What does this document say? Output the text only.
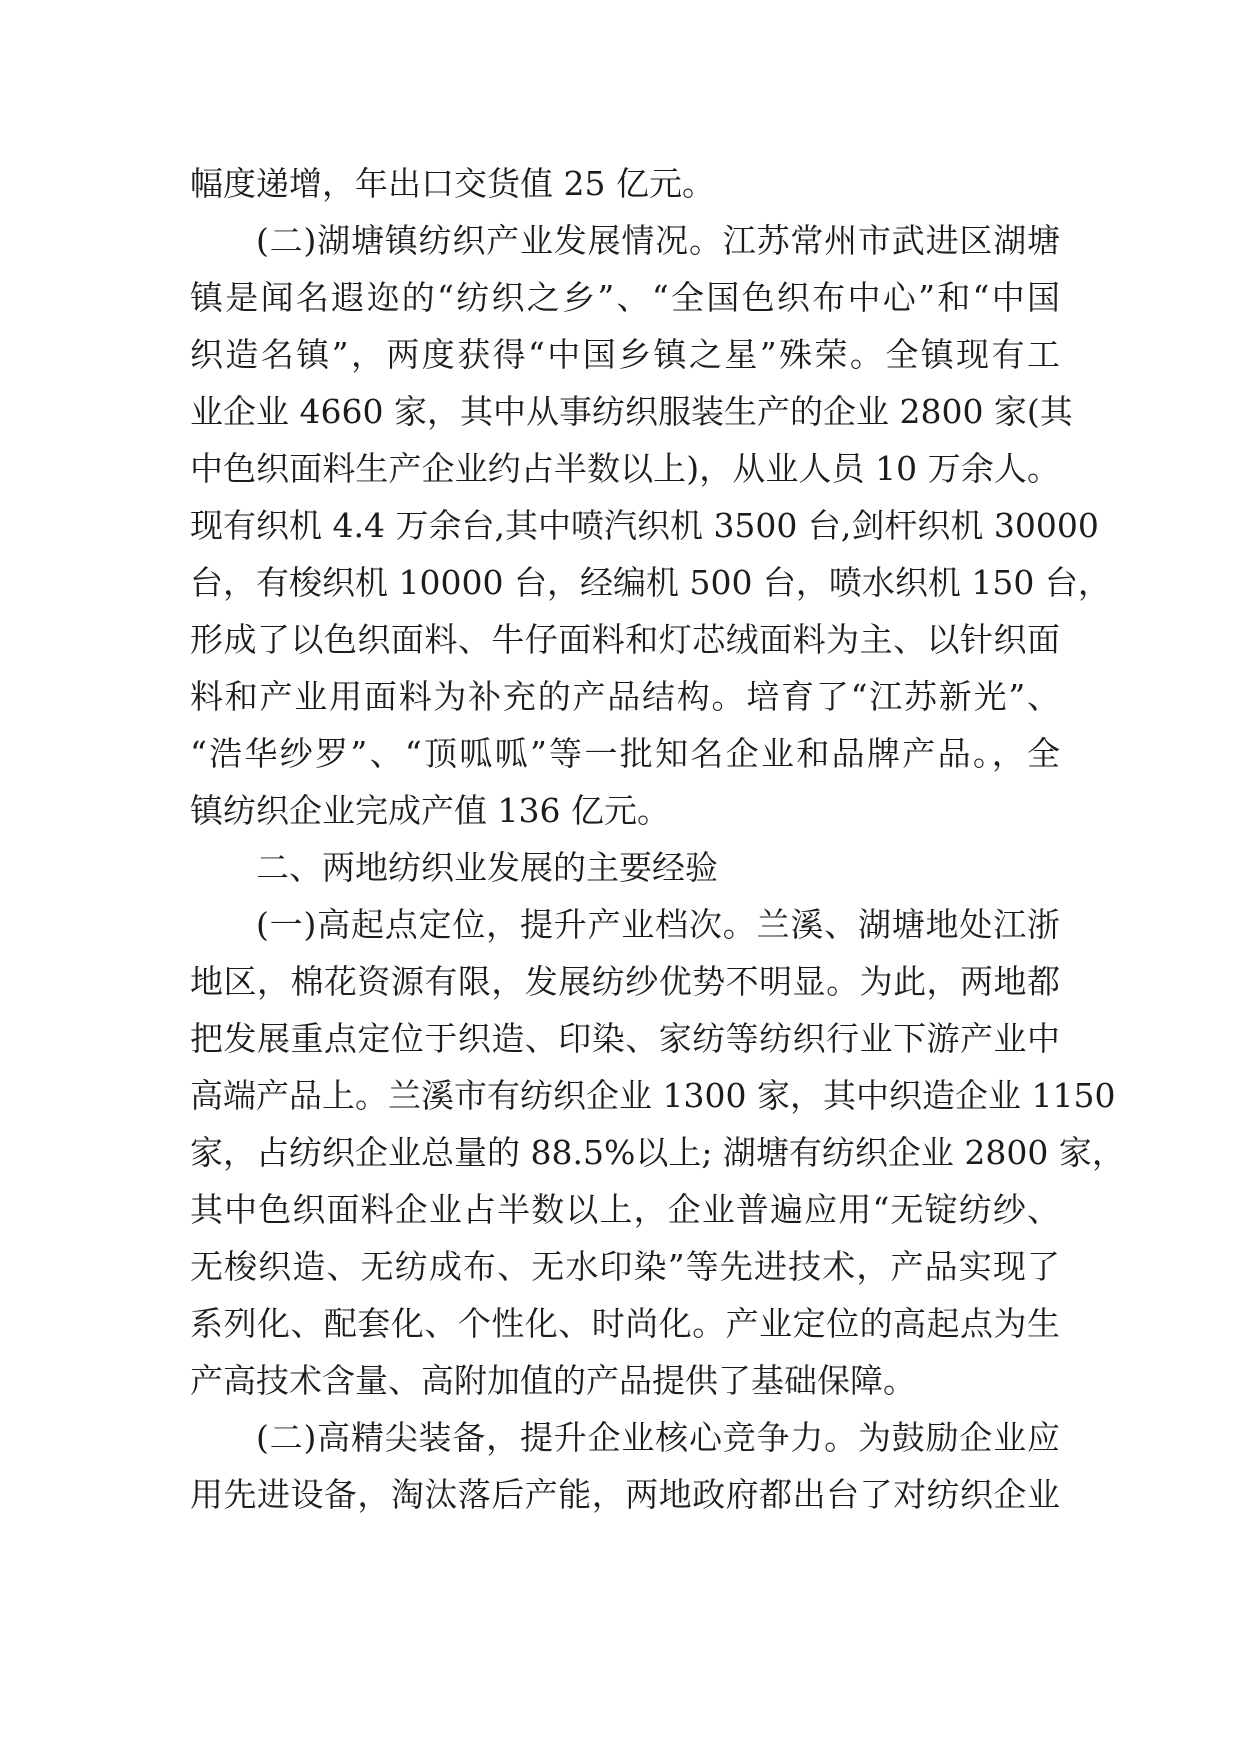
幅度递增，年出口交货值 25 亿元。
(二)湖塘镇纺织产业发展情况。江苏常州市武进区湖塘
镇是闻名遐迩的“纺织之乡”、“全国色织布中心”和“中国
织造名镇”，两度获得“中国乡镇之星”殊荣。全镇现有工
业企业 4660 家，其中从事纺织服装生产的企业 2800 家(其
中色织面料生产企业约占半数以上)，从业人员 10 万余人。
现有织机 4.4 万余台,其中喷汽织机 3500 台,剑杆织机 30000
台，有梭织机 10000 台，经编机 500 台，喷水织机 150 台，
形成了以色织面料、牛仔面料和灯芯绒面料为主、以针织面
料和产业用面料为补充的产品结构。培育了“江苏新光”、
“浩华纱罗”、“顶呱呱”等一批知名企业和品牌产品。，全
镇纺织企业完成产值 136 亿元。
二、两地纺织业发展的主要经验
(一)高起点定位，提升产业档次。兰溪、湖塘地处江浙
地区，棉花资源有限，发展纺纱优势不明显。为此，两地都
把发展重点定位于织造、印染、家纺等纺织行业下游产业中
高端产品上。兰溪市有纺织企业 1300 家，其中织造企业 1150
家，占纺织企业总量的 88.5%以上; 湖塘有纺织企业 2800 家，
其中色织面料企业占半数以上，企业普遍应用“无锭纺纱、
无梭织造、无纺成布、无水印染”等先进技术，产品实现了
系列化、配套化、个性化、时尚化。产业定位的高起点为生
产高技术含量、高附加值的产品提供了基础保障。
(二)高精尖装备，提升企业核心竞争力。为鼓励企业应
用先进设备，淘汰落后产能，两地政府都出台了对纺织企业
